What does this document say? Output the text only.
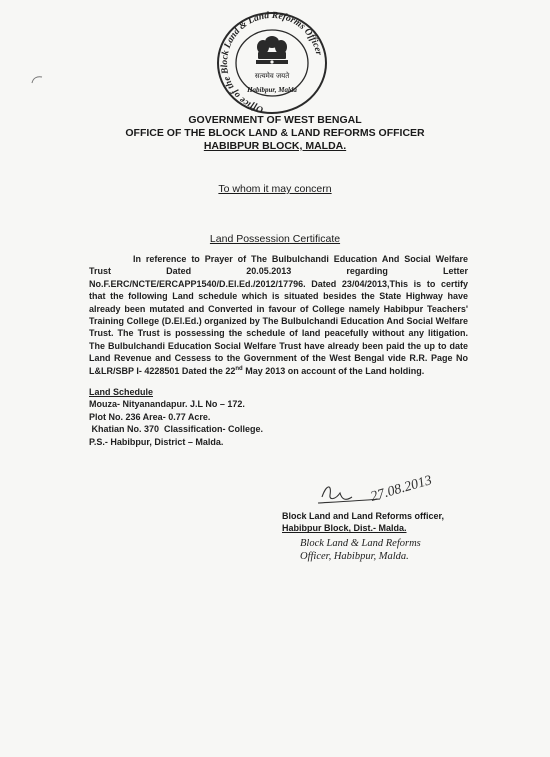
Office of the Block Land & Land Reforms Officer
सत्यमेव जयते
Habibpur, Malda
GOVERNMENT OF WEST BENGAL
OFFICE OF THE BLOCK LAND & LAND REFORMS OFFICER
HABIBPUR BLOCK, MALDA.
To whom it may concern
Land Possession Certificate

In reference to Prayer of The Bulbulchandi Education And Social Welfare Trust Dated 20.05.2013 regarding Letter No.F.ERC/NCTE/ERCAPP1540/D.El.Ed./2012/17796. Dated 23/04/2013,This is to certify that the following Land schedule which is situated besides the State Highway have already been mutated and Converted in favour of College namely Habibpur Teachers' Training College (D.El.Ed.) organized by The Bulbulchandi Education And Social Welfare Trust. The Trust is possessing the schedule of land peacefully without any litigation. The Bulbulchandi Education Social Welfare Trust have already been paid the up to date Land Revenue and Cessess to the Government of the West Bengal vide R.R. Page No L&LR/SBP I- 4228501 Dated the 22nd May 2013 on account of the Land holding.

Land Schedule
Mouza- Nityanandapur. J.L No – 172.
Plot No. 236 Area- 0.77 Acre.
Khatian No. 370  Classification- College.
P.S.- Habibpur, District – Malda.
27.08.2013
Block Land and Land Reforms officer,
Habibpur Block, Dist.- Malda.
Block Land & Land Reforms
Officer, Habibpur, Malda.
